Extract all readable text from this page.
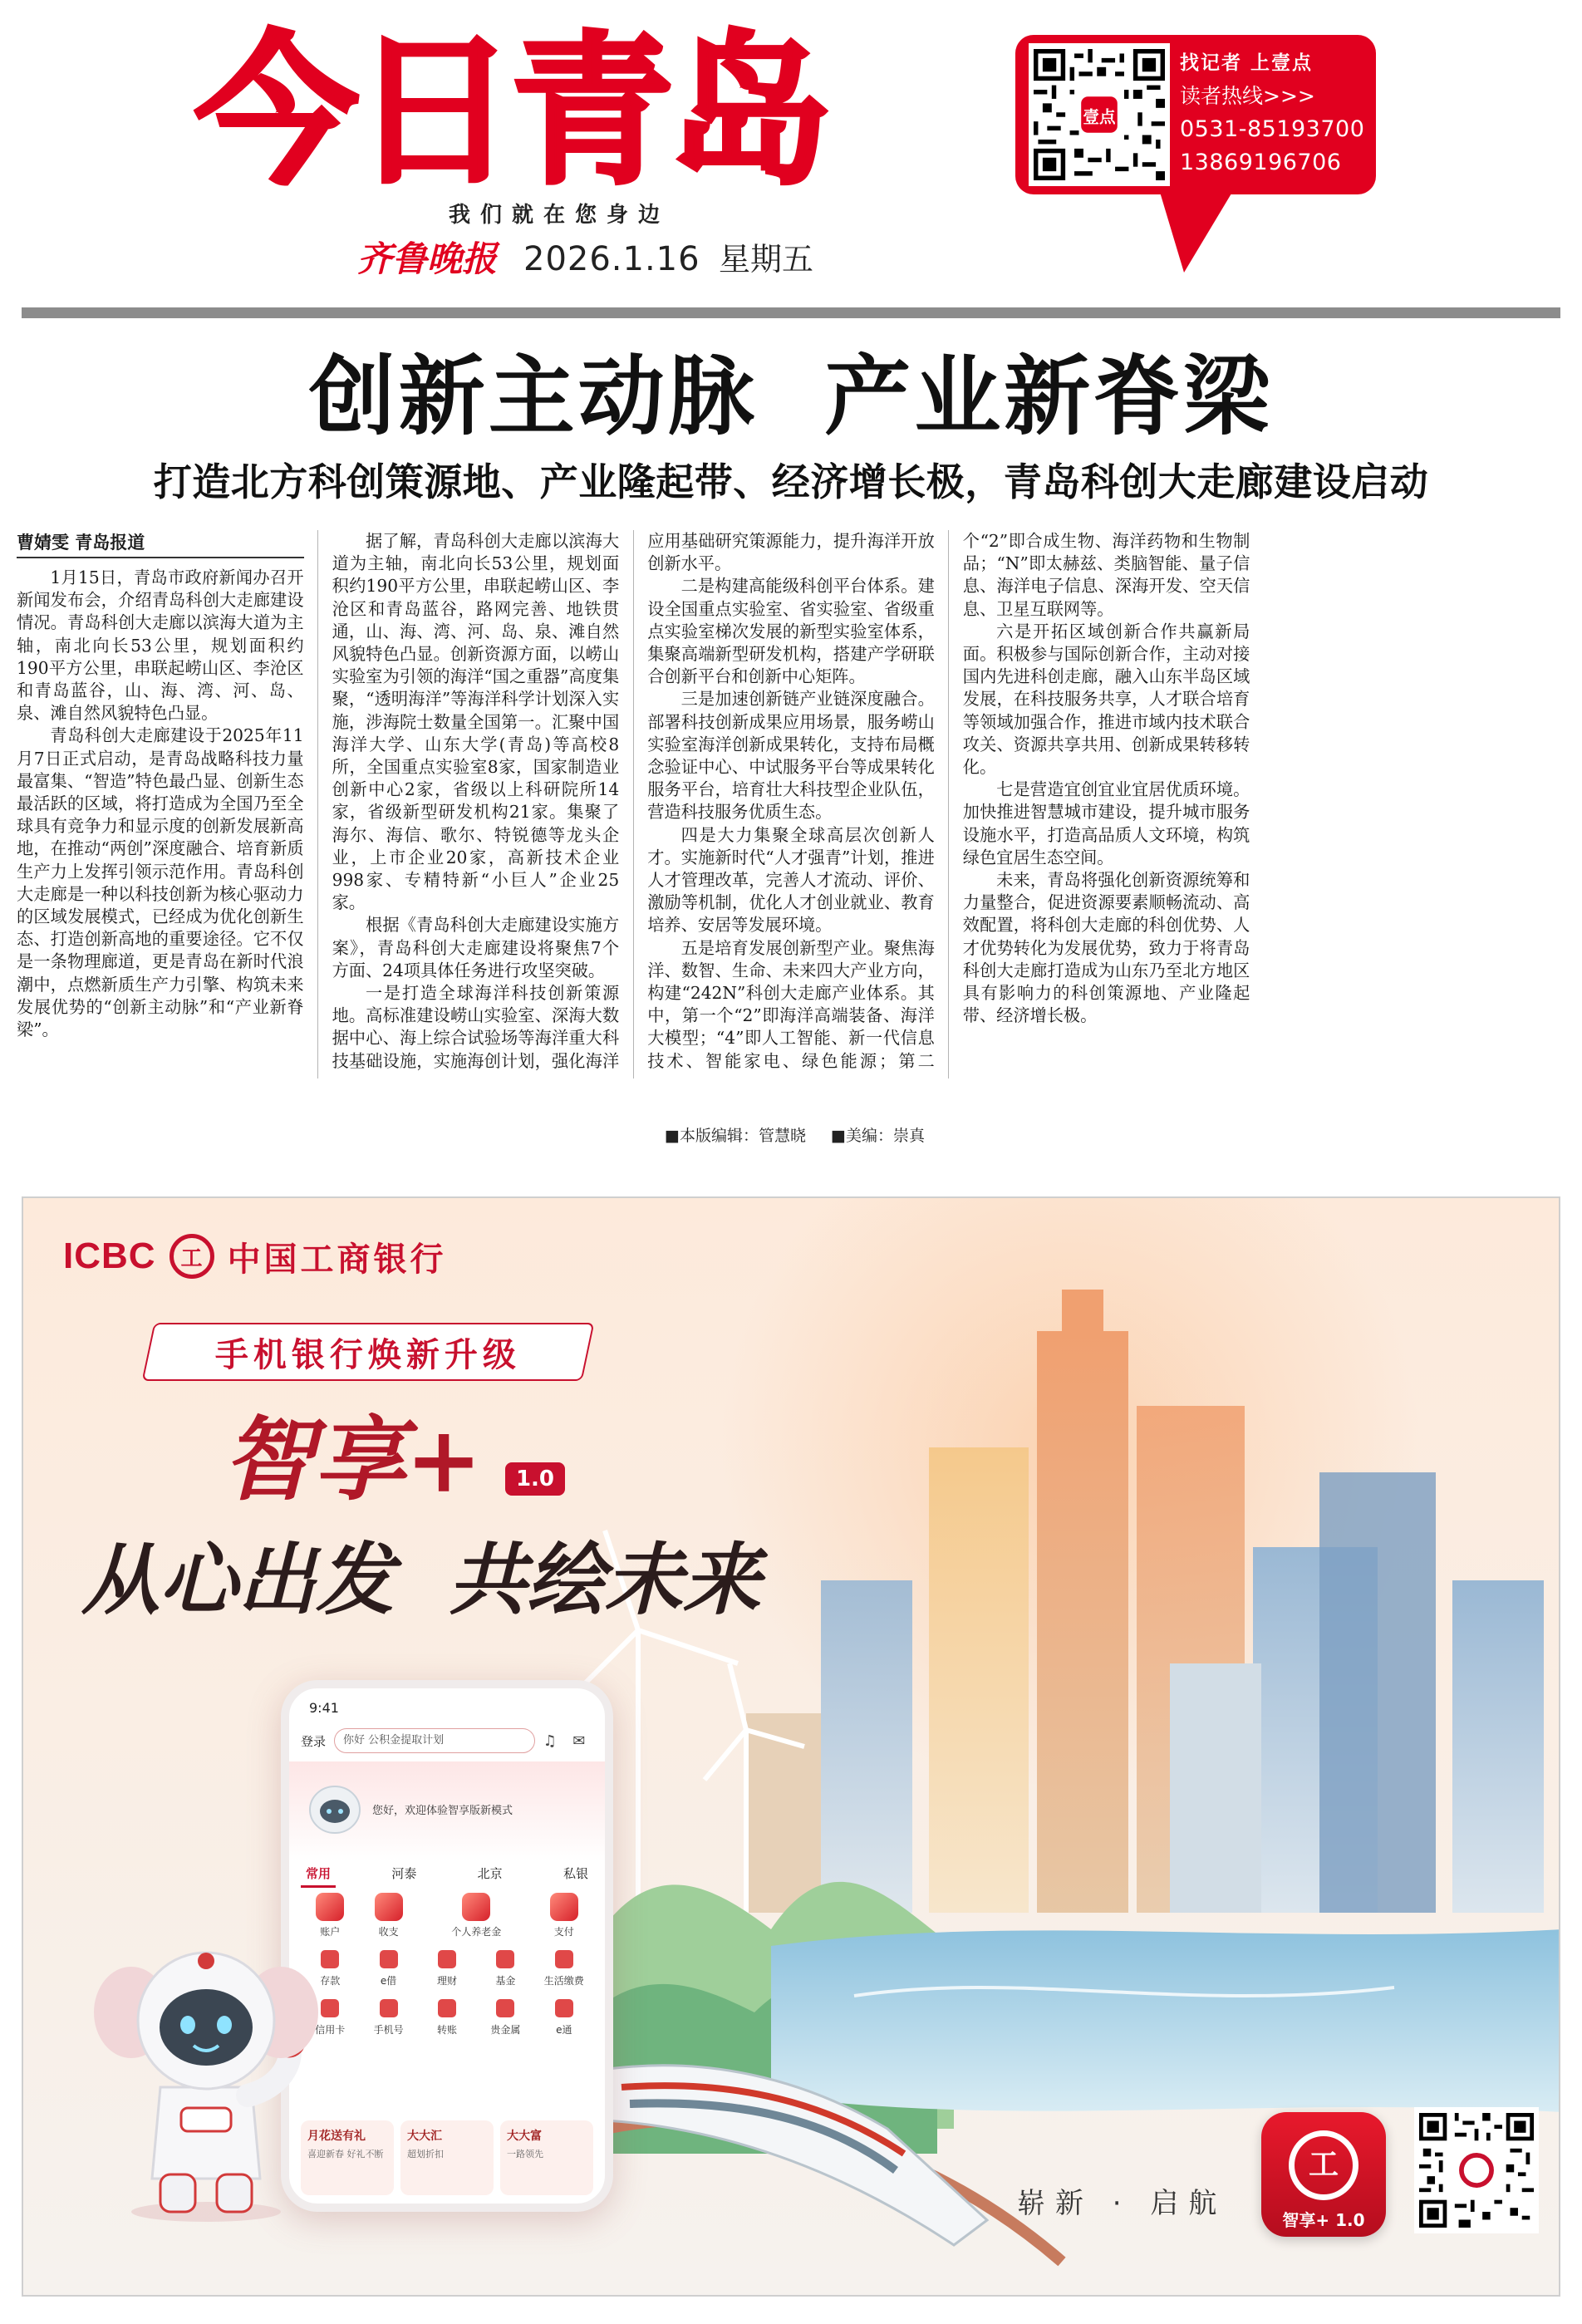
今日青岛
我们就在您身边
齐鲁晚报 2026.1.16 星期五
壹点
找记者 上壹点
读者热线>>>
0531-85193700
13869196706
创新主动脉  产业新脊梁
打造北方科创策源地、产业隆起带、经济增长极，青岛科创大走廊建设启动
曹婧雯 青岛报道

1月15日，青岛市政府新闻办召开新闻发布会，介绍青岛科创大走廊建设情况。青岛科创大走廊以滨海大道为主轴，南北向长53公里，规划面积约190平方公里，串联起崂山区、李沧区和青岛蓝谷，山、海、湾、河、岛、泉、滩自然风貌特色凸显。

青岛科创大走廊建设于2025年11月7日正式启动，是青岛战略科技力量最富集、“智造”特色最凸显、创新生态最活跃的区域，将打造成为全国乃至全球具有竞争力和显示度的创新发展新高地，在推动“两创”深度融合、培育新质生产力上发挥引领示范作用。青岛科创大走廊是一种以科技创新为核心驱动力的区域发展模式，已经成为优化创新生态、打造创新高地的重要途径。它不仅是一条物理廊道，更是青岛在新时代浪潮中，点燃新质生产力引擎、构筑未来发展优势的“创新主动脉”和“产业新脊梁”。

据了解，青岛科创大走廊以滨海大道为主轴，南北向长53公里，规划面积约190平方公里，串联起崂山区、李沧区和青岛蓝谷，路网完善、地铁贯通，山、海、湾、河、岛、泉、滩自然风貌特色凸显。创新资源方面，以崂山实验室为引领的海洋“国之重器”高度集聚，“透明海洋”等海洋科学计划深入实施，涉海院士数量全国第一。汇聚中国海洋大学、山东大学(青岛)等高校8所，全国重点实验室8家，国家制造业创新中心2家，省级以上科研院所14家，省级新型研发机构21家。集聚了海尔、海信、歌尔、特锐德等龙头企业，上市企业20家，高新技术企业998家、专精特新“小巨人”企业25家。

根据《青岛科创大走廊建设实施方案》，青岛科创大走廊建设将聚焦7个方面、24项具体任务进行攻坚突破。

一是打造全球海洋科技创新策源地。高标准建设崂山实验室、深海大数据中心、海上综合试验场等海洋重大科技基础设施，实施海创计划，强化海洋应用基础研究策源能力，提升海洋开放创新水平。

二是构建高能级科创平台体系。建设全国重点实验室、省实验室、省级重点实验室梯次发展的新型实验室体系，集聚高端新型研发机构，搭建产学研联合创新平台和创新中心矩阵。

三是加速创新链产业链深度融合。部署科技创新成果应用场景，服务崂山实验室海洋创新成果转化，支持布局概念验证中心、中试服务平台等成果转化服务平台，培育壮大科技型企业队伍，营造科技服务优质生态。

四是大力集聚全球高层次创新人才。实施新时代“人才强青”计划，推进人才管理改革，完善人才流动、评价、激励等机制，优化人才创业就业、教育培养、安居等发展环境。

五是培育发展创新型产业。聚焦海洋、数智、生命、未来四大产业方向，构建“242N”科创大走廊产业体系。其中，第一个“2”即海洋高端装备、海洋大模型；“4”即人工智能、新一代信息技术、智能家电、绿色能源；第二个“2”即合成生物、海洋药物和生物制品；“N”即太赫兹、类脑智能、量子信息、海洋电子信息、深海开发、空天信息、卫星互联网等。

六是开拓区域创新合作共赢新局面。积极参与国际创新合作，主动对接国内先进科创走廊，融入山东半岛区域发展，在科技服务共享，人才联合培育等领域加强合作，推进市域内技术联合攻关、资源共享共用、创新成果转移转化。

七是营造宜创宜业宜居优质环境。加快推进智慧城市建设，提升城市服务设施水平，打造高品质人文环境，构筑绿色宜居生态空间。

未来，青岛将强化创新资源统筹和力量整合，促进资源要素顺畅流动、高效配置，将科创大走廊的科创优势、人才优势转化为发展优势，致力于将青岛科创大走廊打造成为山东乃至北方地区具有影响力的科创策源地、产业隆起带、经济增长极。

■本版编辑：管慧晓 ■美编：崇真
ICBC	工 中国工商银行
手机银行焕新升级
智享+	1.0
从心出发  共绘未来
9:41
登录	你好 公积金提取计划	♫ ✉
您好，欢迎体验智享版新模式
常用	河泰	北京	私银
账户	收支	个人养老金	支付
存款	e借	理财	基金	生活缴费
信用卡	手机号	转账	贵金属	e通
月花送有礼
喜迎新春 好礼不断
大大汇
超划折扣
大大富
一路领先
崭新 · 启航
工
智享+ 1.0
